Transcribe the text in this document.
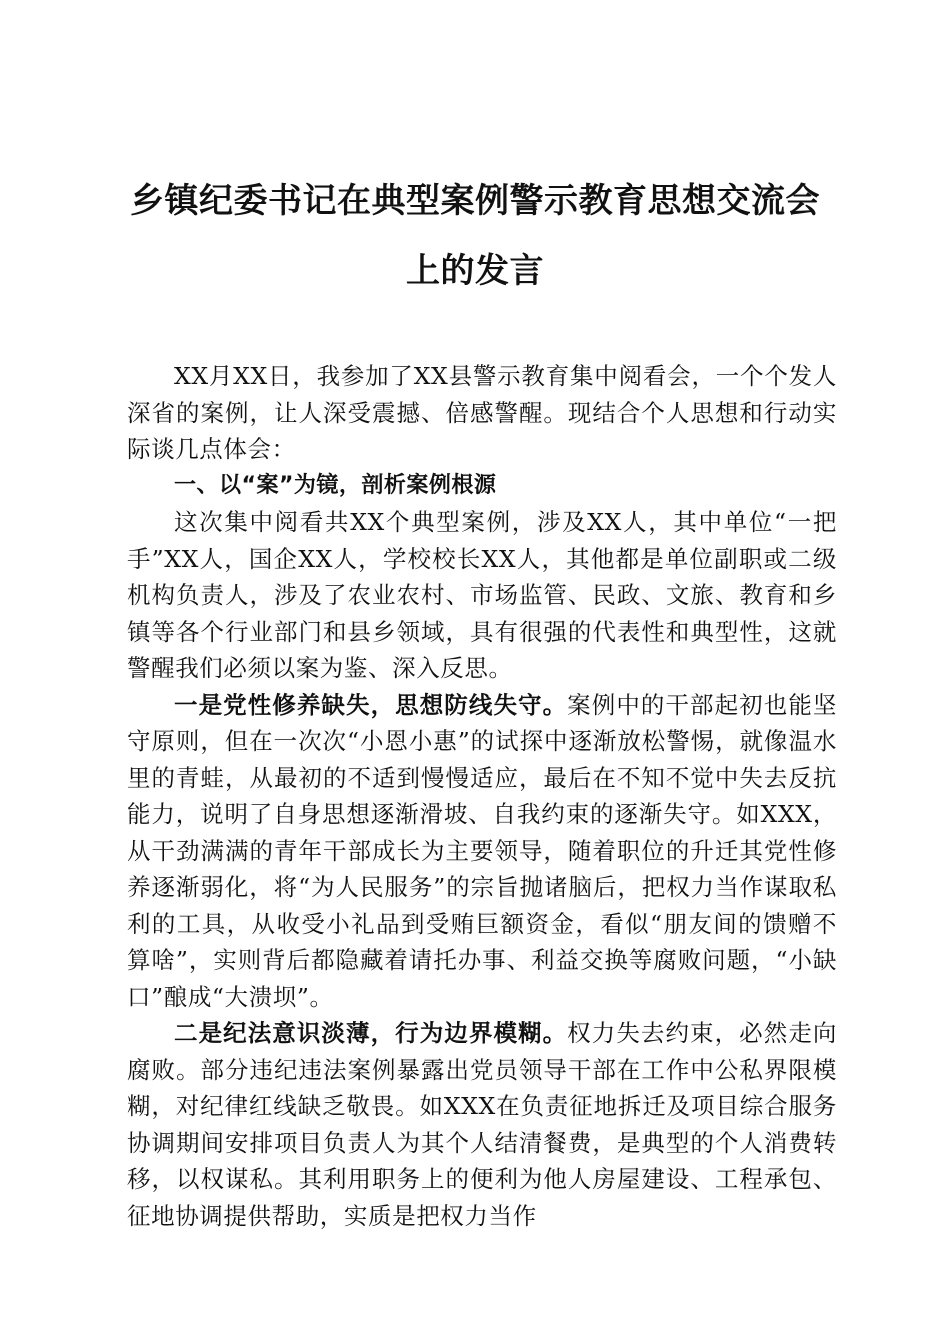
乡镇纪委书记在典型案例警示教育思想交流会
上的发言

XX月XX日，我参加了XX县警示教育集中阅看会，一个个发人深省的案例，让人深受震撼、倍感警醒。现结合个人思想和行动实际谈几点体会：

一、以“案”为镜，剖析案例根源

这次集中阅看共XX个典型案例，涉及XX人，其中单位“一把手”XX人，国企XX人，学校校长XX人，其他都是单位副职或二级机构负责人，涉及了农业农村、市场监管、民政、文旅、教育和乡镇等各个行业部门和县乡领域，具有很强的代表性和典型性，这就警醒我们必须以案为鉴、深入反思。

一是党性修养缺失，思想防线失守。案例中的干部起初也能坚守原则，但在一次次“小恩小惠”的试探中逐渐放松警惕，就像温水里的青蛙，从最初的不适到慢慢适应，最后在不知不觉中失去反抗能力，说明了自身思想逐渐滑坡、自我约束的逐渐失守。如XXX，从干劲满满的青年干部成长为主要领导，随着职位的升迁其党性修养逐渐弱化，将“为人民服务”的宗旨抛诸脑后，把权力当作谋取私利的工具，从收受小礼品到受贿巨额资金，看似“朋友间的馈赠不算啥”，实则背后都隐藏着请托办事、利益交换等腐败问题，“小缺口”酿成“大溃坝”。

二是纪法意识淡薄，行为边界模糊。权力失去约束，必然走向腐败。部分违纪违法案例暴露出党员领导干部在工作中公私界限模糊，对纪律红线缺乏敬畏。如XXX在负责征地拆迁及项目综合服务协调期间安排项目负责人为其个人结清餐费，是典型的个人消费转移，以权谋私。其利用职务上的便利为他人房屋建设、工程承包、征地协调提供帮助，实质是把权力当作
